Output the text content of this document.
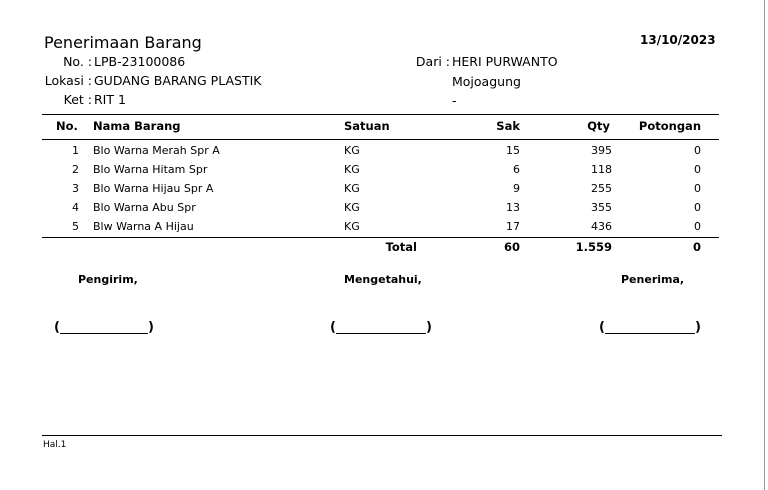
Penerimaan Barang	13/10/2023
No. : LPB-23100086
Lokasi : GUDANG BARANG PLASTIK
Ket : RIT 1
Dari : HERI PURWANTO
Mojoagung
-
No. Nama Barang	Satuan	Sak	Qty	Potongan
1 Blo Warna Merah Spr A	KG	15	395	0
2 Blo Warna Hitam Spr	KG	6	118	0
3 Blo Warna Hijau Spr A	KG	9	255	0
4 Blo Warna Abu Spr	KG	13	355	0
5 Blw Warna A Hijau	KG	17	436	0
Total	60	1.559	0
Pengirim,	Mengetahui,	Penerima,
(	)	(	)	(	)
Hal.1
